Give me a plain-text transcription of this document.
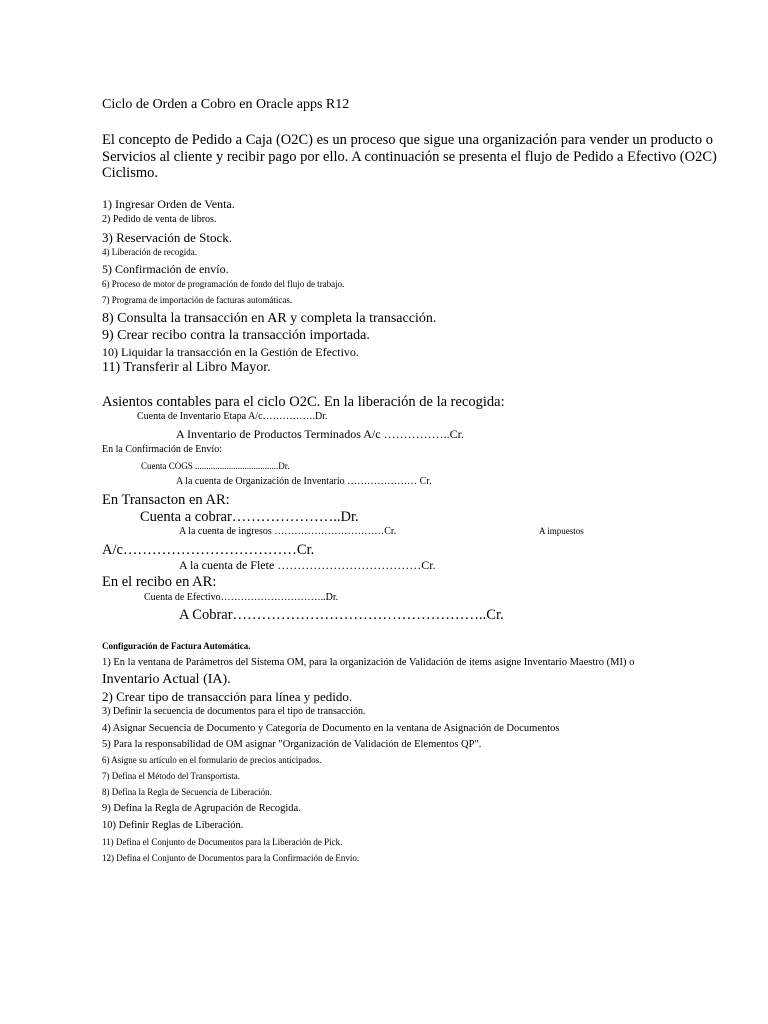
Ciclo de Orden a Cobro en Oracle apps R12
El concepto de Pedido a Caja (O2C) es un proceso que sigue una organización para vender un producto o
Servicios al cliente y recibir pago por ello. A continuación se presenta el flujo de Pedido a Efectivo (O2C)
Ciclismo.
1) Ingresar Orden de Venta.
2) Pedido de venta de libros.
3) Reservación de Stock.
4) Liberación de recogida.
5) Confirmación de envío.
6) Proceso de motor de programación de fondo del flujo de trabajo.
7) Programa de importación de facturas automáticas.
8) Consulta la transacción en AR y completa la transacción.
9) Crear recibo contra la transacción importada.
10) Liquidar la transacción en la Gestión de Efectivo.
11) Transferir al Libro Mayor.
Asientos contables para el ciclo O2C. En la liberación de la recogida:
Cuenta de Inventario Etapa A/c…………….Dr.
A Inventario de Productos Terminados A/c ……………..Cr.
En la Confirmación de Envío:
Cuenta COGS .....................................Dr.
A la cuenta de Organización de Inventario ………………… Cr.
En Transacton en AR:
Cuenta a cobrar…………………..Dr.
A la cuenta de ingresos ……………………………Cr.	A impuestos
A/c………………………………Cr.
A la cuenta de Flete ………………………………Cr.
En el recibo en AR:
Cuenta de Efectivo…………………………..Dr.
A Cobrar……………………………………………..Cr.
Configuración de Factura Automática.
1) En la ventana de Parámetros del Sistema OM, para la organización de Validación de ítems asigne Inventario Maestro (MI) o
Inventario Actual (IA).
2) Crear tipo de transacción para línea y pedido.
3) Definir la secuencia de documentos para el tipo de transacción.
4) Asignar Secuencia de Documento y Categoría de Documento en la ventana de Asignación de Documentos
5) Para la responsabilidad de OM asignar "Organización de Validación de Elementos QP".
6) Asigne su artículo en el formulario de precios anticipados.
7) Defina el Método del Transportista.
8) Defina la Regla de Secuencia de Liberación.
9) Defina la Regla de Agrupación de Recogida.
10) Definir Reglas de Liberación.
11) Defina el Conjunto de Documentos para la Liberación de Pick.
12) Defina el Conjunto de Documentos para la Confirmación de Envío.
